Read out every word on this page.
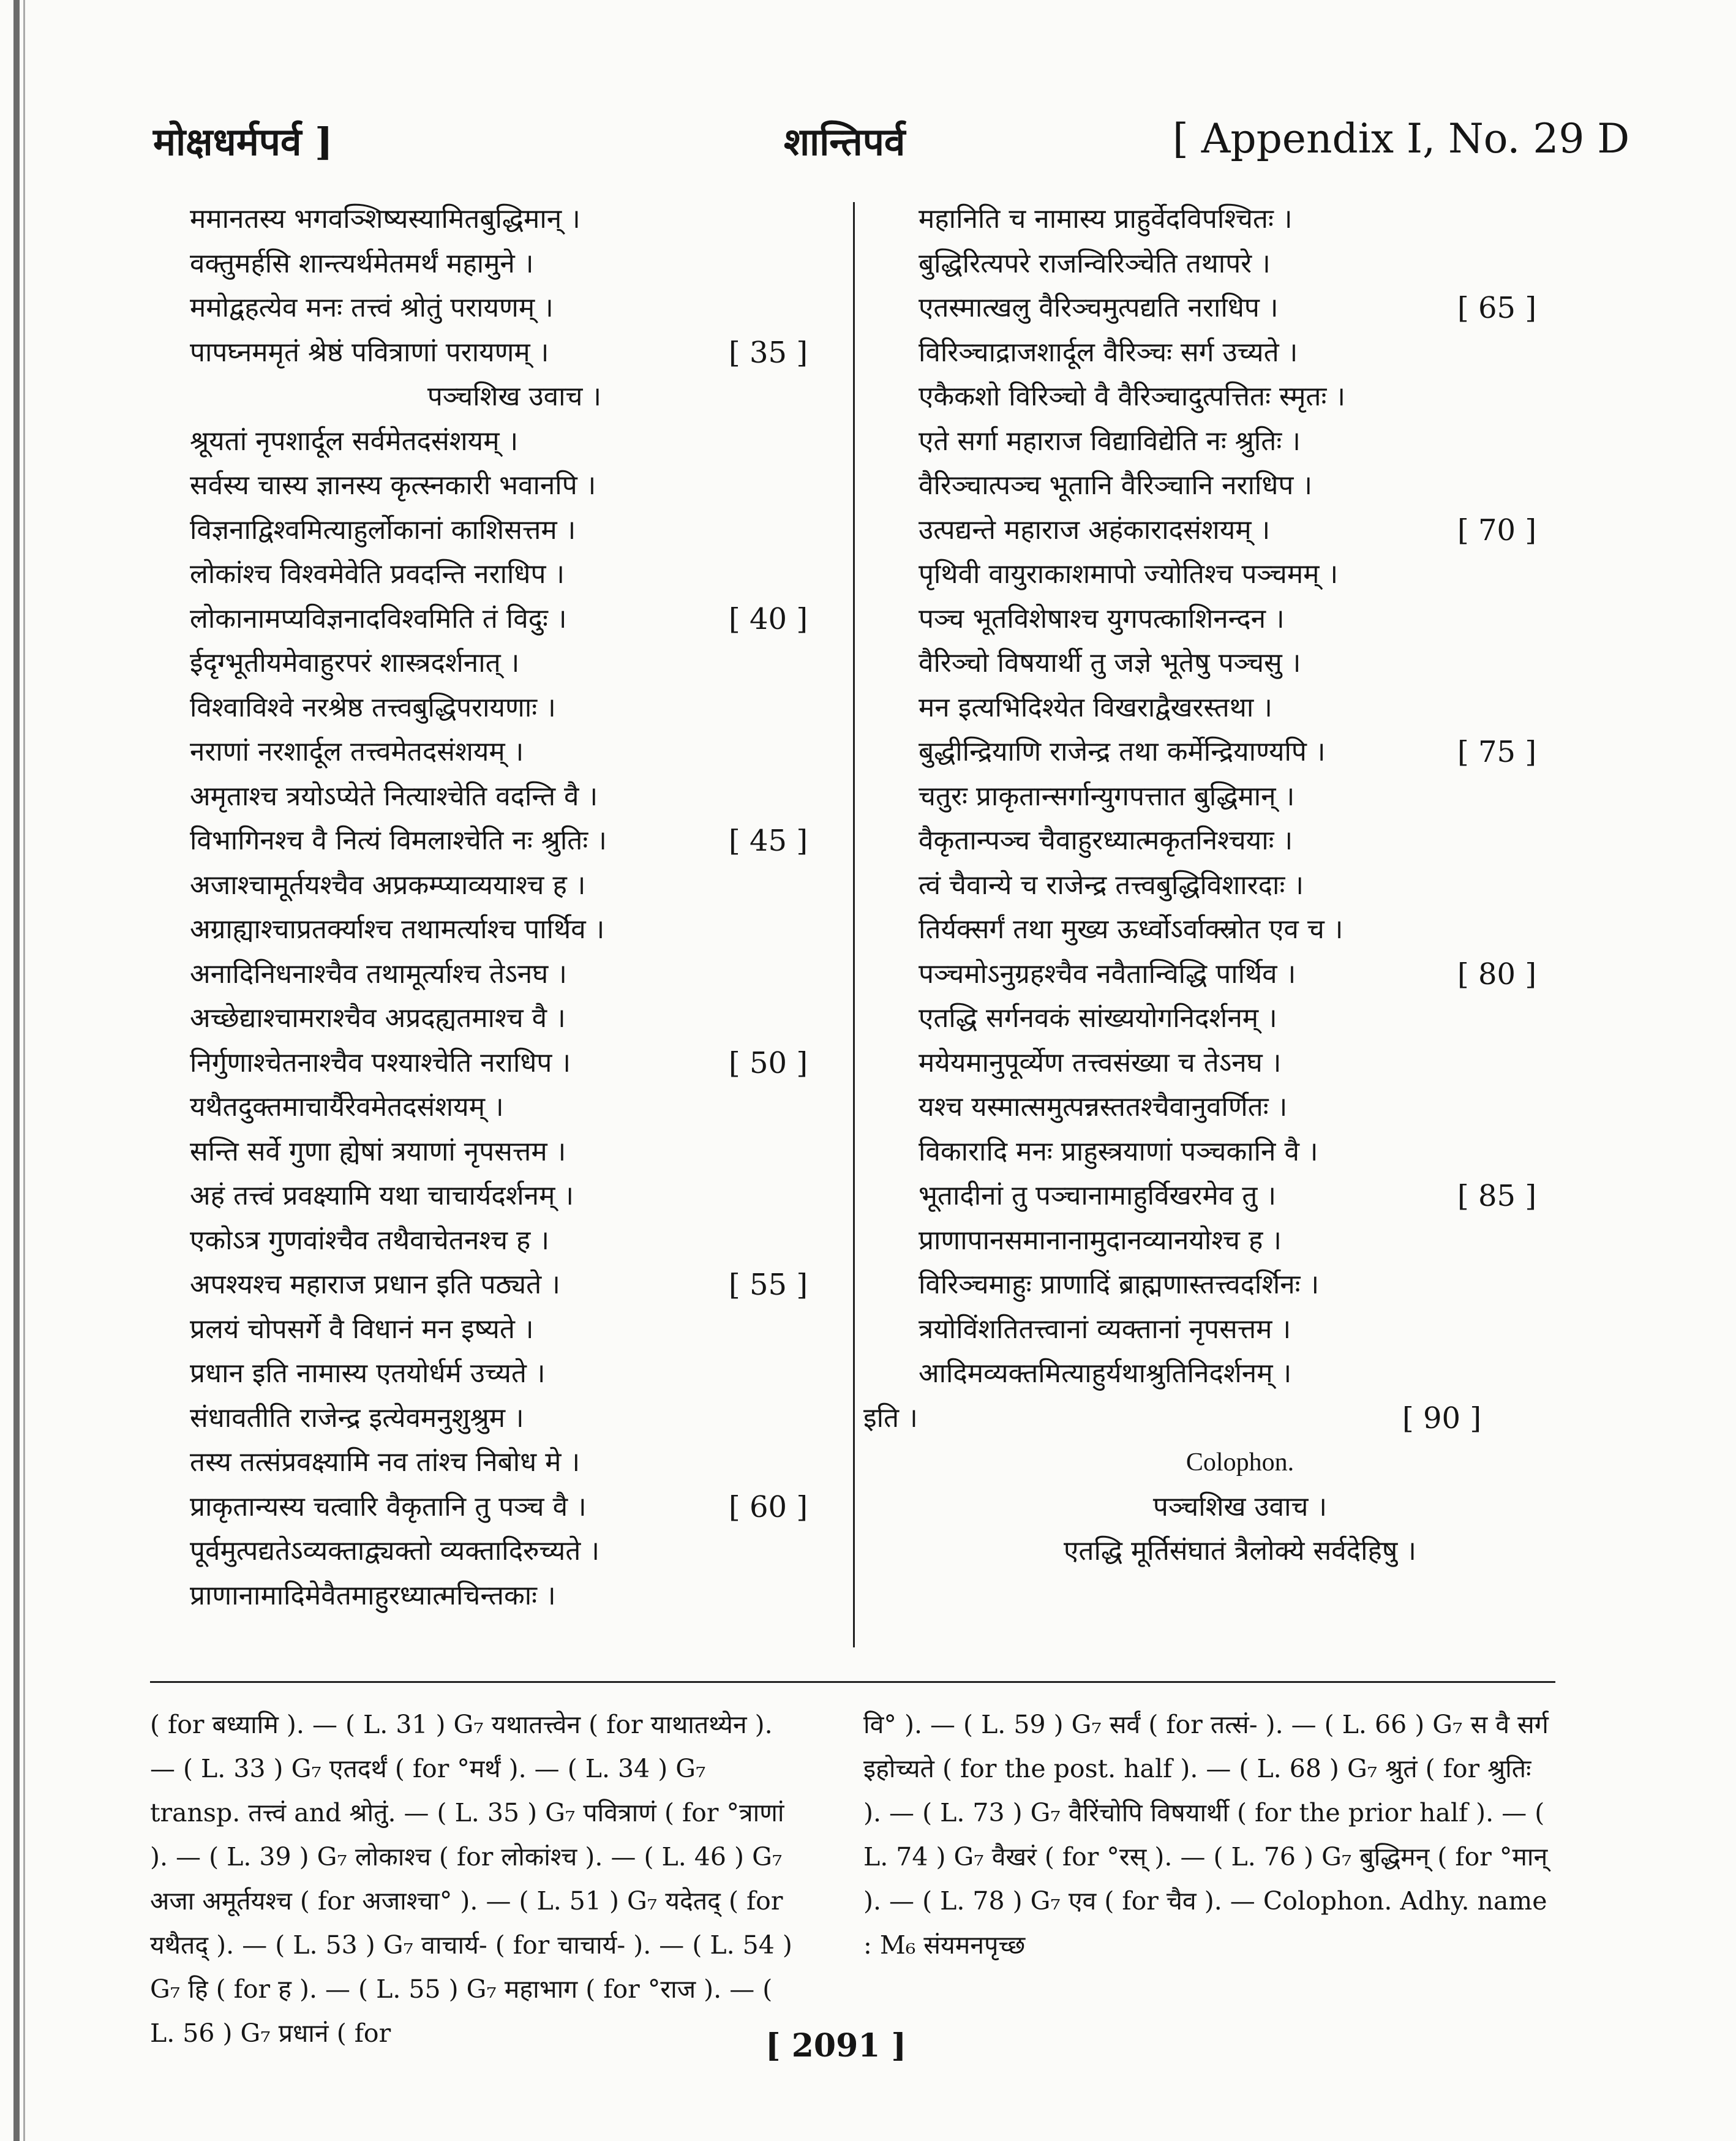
मोक्षधर्मपर्व ]	शान्तिपर्व	[ Appendix I, No. 29 D
ममानतस्य भगवञ्शिष्यस्यामितबुद्धिमान् ।
वक्तुमर्हसि शान्त्यर्थमेतमर्थं महामुने ।
ममोद्वहत्येव मनः तत्त्वं श्रोतुं परायणम् ।
पापघ्नममृतं श्रेष्ठं पवित्राणां परायणम् ।	[ 35 ]
पञ्चशिख उवाच ।
श्रूयतां नृपशार्दूल सर्वमेतदसंशयम् ।
सर्वस्य चास्य ज्ञानस्य कृत्स्नकारी भवानपि ।
विज्ञनाद्विश्वमित्याहुर्लोकानां काशिसत्तम ।
लोकांश्च विश्वमेवेति प्रवदन्ति नराधिप ।
लोकानामप्यविज्ञनादविश्वमिति तं विदुः ।	[ 40 ]
ईदृग्भूतीयमेवाहुरपरं शास्त्रदर्शनात् ।
विश्वाविश्वे नरश्रेष्ठ तत्त्वबुद्धिपरायणाः ।
नराणां नरशार्दूल तत्त्वमेतदसंशयम् ।
अमृताश्च त्रयोऽप्येते नित्याश्चेति वदन्ति वै ।
विभागिनश्च वै नित्यं विमलाश्चेति नः श्रुतिः ।	[ 45 ]
अजाश्चामूर्तयश्चैव अप्रकम्प्याव्ययाश्च ह ।
अग्राह्याश्चाप्रतर्क्याश्च तथामर्त्याश्च पार्थिव ।
अनादिनिधनाश्चैव तथामूर्त्याश्च तेऽनघ ।
अच्छेद्याश्चामराश्चैव अप्रदह्यतमाश्च वै ।
निर्गुणाश्चेतनाश्चैव पश्याश्चेति नराधिप ।	[ 50 ]
यथैतदुक्तमाचार्यैरेवमेतदसंशयम् ।
सन्ति सर्वे गुणा ह्येषां त्रयाणां नृपसत्तम ।
अहं तत्त्वं प्रवक्ष्यामि यथा चाचार्यदर्शनम् ।
एकोऽत्र गुणवांश्चैव तथैवाचेतनश्च ह ।
अपश्यश्च महाराज प्रधान इति पठ्यते ।	[ 55 ]
प्रलयं चोपसर्गे वै विधानं मन इष्यते ।
प्रधान इति नामास्य एतयोर्धर्म उच्यते ।
संधावतीति राजेन्द्र इत्येवमनुशुश्रुम ।
तस्य तत्संप्रवक्ष्यामि नव तांश्च निबोध मे ।
प्राकृतान्यस्य चत्वारि वैकृतानि तु पञ्च वै ।	[ 60 ]
पूर्वमुत्पद्यतेऽव्यक्ताद्व्यक्तो व्यक्तादिरुच्यते ।
प्राणानामादिमेवैतमाहुरध्यात्मचिन्तकाः ।
महानिति च नामास्य प्राहुर्वेदविपश्चितः ।
बुद्धिरित्यपरे राजन्विरिञ्चेति तथापरे ।
एतस्मात्खलु वैरिञ्चमुत्पद्यति नराधिप ।	[ 65 ]
विरिञ्चाद्राजशार्दूल वैरिञ्चः सर्ग उच्यते ।
एकैकशो विरिञ्चो वै वैरिञ्चादुत्पत्तितः स्मृतः ।
एते सर्गा महाराज विद्याविद्येति नः श्रुतिः ।
वैरिञ्चात्पञ्च भूतानि वैरिञ्चानि नराधिप ।
उत्पद्यन्ते महाराज अहंकारादसंशयम् ।	[ 70 ]
पृथिवी वायुराकाशमापो ज्योतिश्च पञ्चमम् ।
पञ्च भूतविशेषाश्च युगपत्काशिनन्दन ।
वैरिञ्चो विषयार्थी तु जज्ञे भूतेषु पञ्चसु ।
मन इत्यभिदिश्येत विखराद्वैखरस्तथा ।
बुद्धीन्द्रियाणि राजेन्द्र तथा कर्मेन्द्रियाण्यपि ।	[ 75 ]
चतुरः प्राकृतान्सर्गान्युगपत्तात बुद्धिमान् ।
वैकृतान्पञ्च चैवाहुरध्यात्मकृतनिश्चयाः ।
त्वं चैवान्ये च राजेन्द्र तत्त्वबुद्धिविशारदाः ।
तिर्यक्सर्गं तथा मुख्य ऊर्ध्वोऽर्वाक्स्रोत एव च ।
पञ्चमोऽनुग्रहश्चैव नवैतान्विद्धि पार्थिव ।	[ 80 ]
एतद्धि सर्गनवकं सांख्ययोगनिदर्शनम् ।
मयेयमानुपूर्व्येण तत्त्वसंख्या च तेऽनघ ।
यश्च यस्मात्समुत्पन्नस्ततश्चैवानुवर्णितः ।
विकारादि मनः प्राहुस्त्रयाणां पञ्चकानि वै ।
भूतादीनां तु पञ्चानामाहुर्विखरमेव तु ।	[ 85 ]
प्राणापानसमानानामुदानव्यानयोश्च ह ।
विरिञ्चमाहुः प्राणादिं ब्राह्मणास्तत्त्वदर्शिनः ।
त्रयोविंशतितत्त्वानां व्यक्तानां नृपसत्तम ।
आदिमव्यक्तमित्याहुर्यथाश्रुतिनिदर्शनम् ।
इति ।	[ 90 ]
Colophon.
पञ्चशिख उवाच ।
एतद्धि मूर्तिसंघातं त्रैलोक्ये सर्वदेहिषु ।
( for बध्यामि ). — ( L. 31 ) G₇ यथातत्त्वेन ( for याथातथ्येन ). — ( L. 33 ) G₇ एतदर्थं ( for °मर्थं ). — ( L. 34 ) G₇ transp. तत्त्वं and श्रोतुं. — ( L. 35 ) G₇ पवित्राणं ( for °त्राणां ). — ( L. 39 ) G₇ लोकाश्च ( for लोकांश्च ). — ( L. 46 ) G₇ अजा अमूर्तयश्च ( for अजाश्चा° ). — ( L. 51 ) G₇ यदेतद् ( for यथैतद् ). — ( L. 53 ) G₇ वाचार्य- ( for चाचार्य- ). — ( L. 54 ) G₇ हि ( for ह ). — ( L. 55 ) G₇ महाभाग ( for °राज ). — ( L. 56 ) G₇ प्रधानं ( for
वि° ). — ( L. 59 ) G₇ सर्वं ( for तत्सं- ). — ( L. 66 ) G₇ स वै सर्ग इहोच्यते ( for the post. half ). — ( L. 68 ) G₇ श्रुतं ( for श्रुतिः ). — ( L. 73 ) G₇ वैरिंचोपि विषयार्थी ( for the prior half ). — ( L. 74 ) G₇ वैखरं ( for °रस् ). — ( L. 76 ) G₇ बुद्धिमन् ( for °मान् ). — ( L. 78 ) G₇ एव ( for चैव ). — Colophon. Adhy. name : M₆ संयमनपृच्छ
[ 2091 ]
